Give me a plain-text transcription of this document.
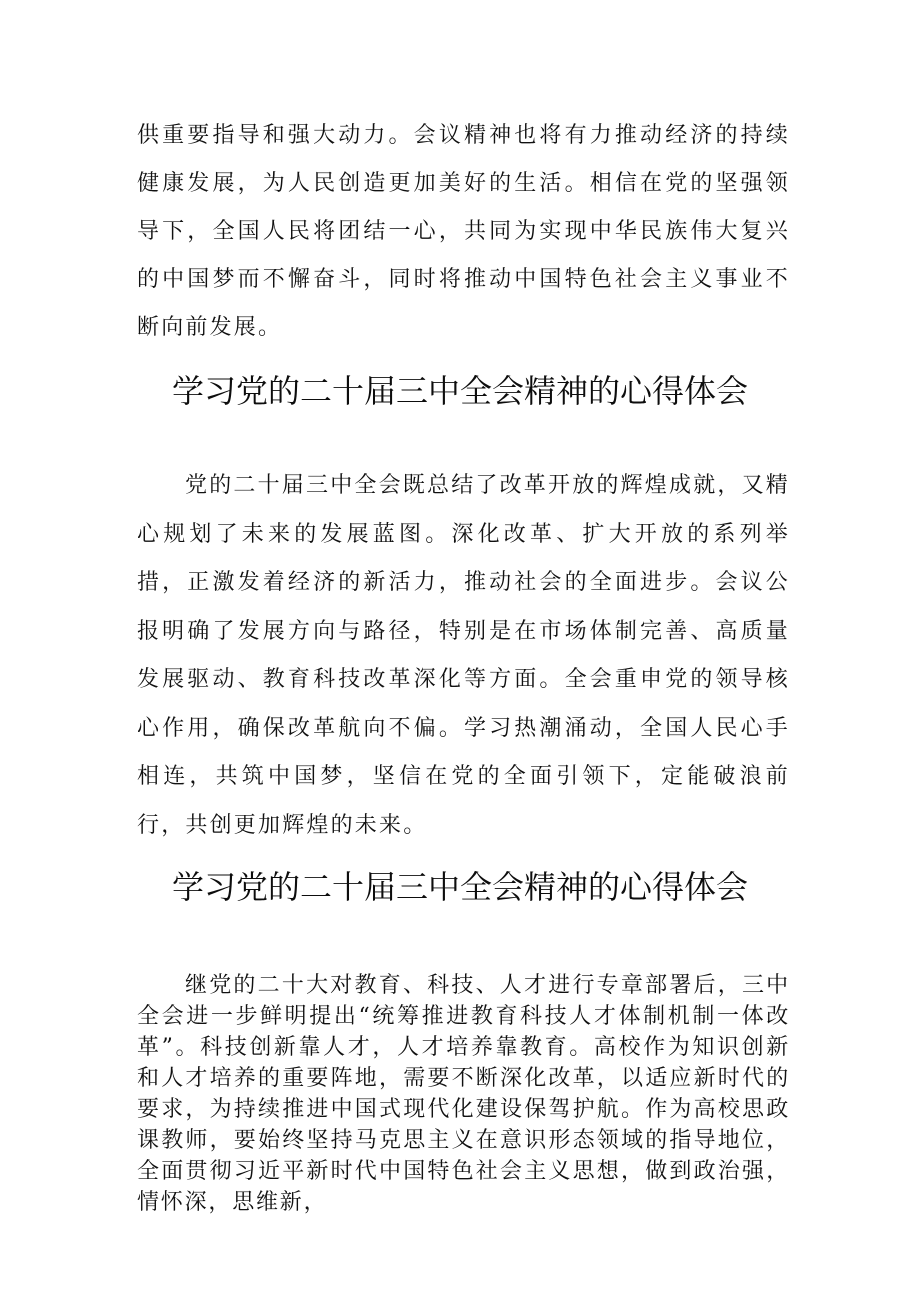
供重要指导和强大动力。会议精神也将有力推动经济的持续健康发展，为人民创造更加美好的生活。相信在党的坚强领导下，全国人民将团结一心，共同为实现中华民族伟大复兴的中国梦而不懈奋斗，同时将推动中国特色社会主义事业不断向前发展。

学习党的二十届三中全会精神的心得体会

党的二十届三中全会既总结了改革开放的辉煌成就，又精心规划了未来的发展蓝图。深化改革、扩大开放的系列举措，正激发着经济的新活力，推动社会的全面进步。会议公报明确了发展方向与路径，特别是在市场体制完善、高质量发展驱动、教育科技改革深化等方面。全会重申党的领导核心作用，确保改革航向不偏。学习热潮涌动，全国人民心手相连，共筑中国梦，坚信在党的全面引领下，定能破浪前行，共创更加辉煌的未来。

学习党的二十届三中全会精神的心得体会

继党的二十大对教育、科技、人才进行专章部署后，三中全会进一步鲜明提出“统筹推进教育科技人才体制机制一体改革”。科技创新靠人才，人才培养靠教育。高校作为知识创新和人才培养的重要阵地，需要不断深化改革，以适应新时代的要求，为持续推进中国式现代化建设保驾护航。作为高校思政课教师，要始终坚持马克思主义在意识形态领域的指导地位，全面贯彻习近平新时代中国特色社会主义思想，做到政治强，情怀深，思维新，
